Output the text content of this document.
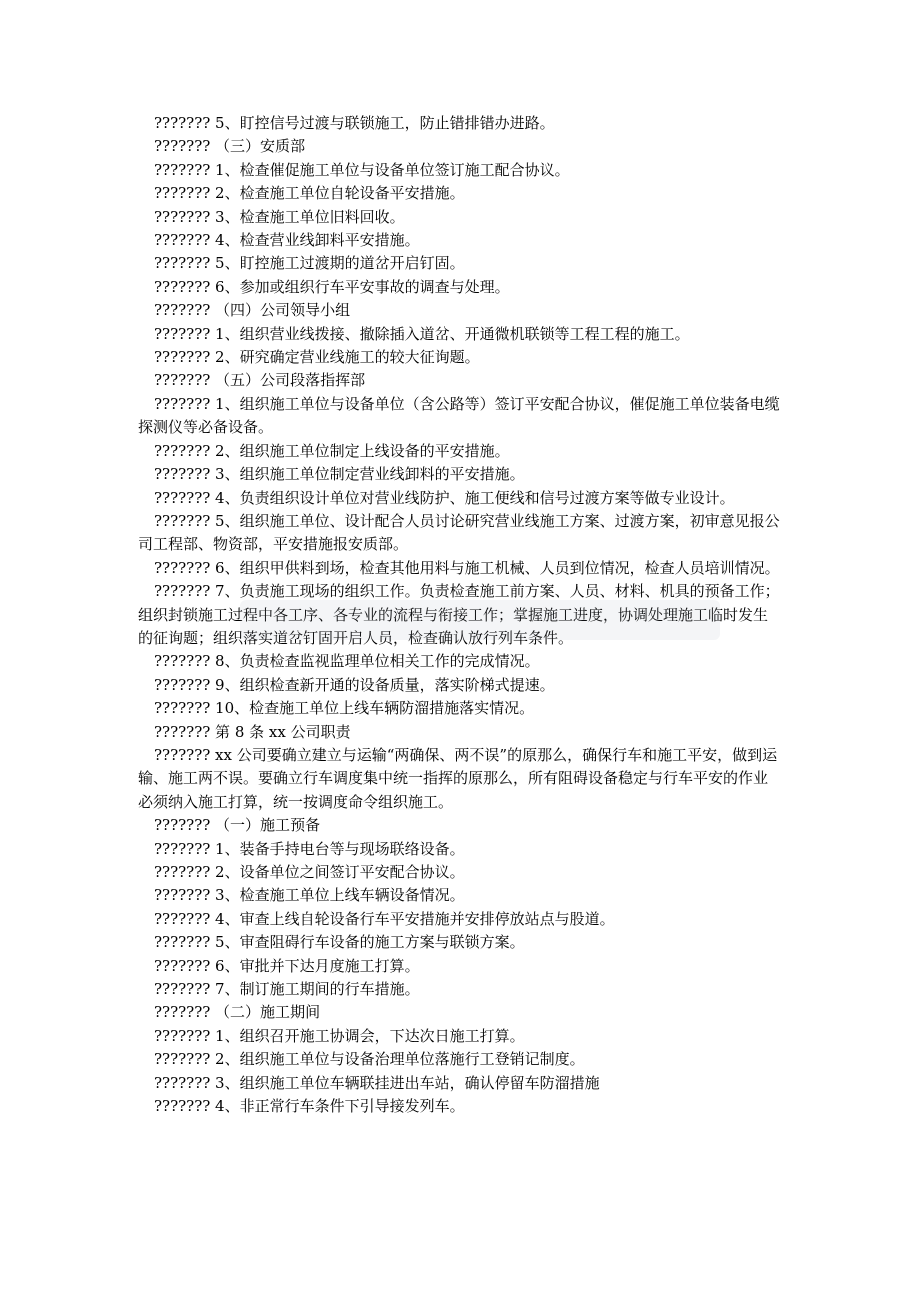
??????? 5、盯控信号过渡与联锁施工，防止错排错办进路。

??????? （三）安质部

??????? 1、检查催促施工单位与设备单位签订施工配合协议。

??????? 2、检查施工单位自轮设备平安措施。

??????? 3、检查施工单位旧料回收。

??????? 4、检查营业线卸料平安措施。

??????? 5、盯控施工过渡期的道岔开启钉固。

??????? 6、参加或组织行车平安事故的调查与处理。

??????? （四）公司领导小组

??????? 1、组织营业线拨接、撤除插入道岔、开通微机联锁等工程工程的施工。

??????? 2、研究确定营业线施工的较大征询题。

??????? （五）公司段落指挥部

??????? 1、组织施工单位与设备单位（含公路等）签订平安配合协议，催促施工单位装备电缆探测仪等必备设备。

??????? 2、组织施工单位制定上线设备的平安措施。

??????? 3、组织施工单位制定营业线卸料的平安措施。

??????? 4、负责组织设计单位对营业线防护、施工便线和信号过渡方案等做专业设计。

??????? 5、组织施工单位、设计配合人员讨论研究营业线施工方案、过渡方案，初审意见报公司工程部、物资部，平安措施报安质部。

??????? 6、组织甲供料到场，检查其他用料与施工机械、人员到位情况，检查人员培训情况。

??????? 7、负责施工现场的组织工作。负责检查施工前方案、人员、材料、机具的预备工作；组织封锁施工过程中各工序、各专业的流程与衔接工作；掌握施工进度，协调处理施工临时发生的征询题；组织落实道岔钉固开启人员，检查确认放行列车条件。

??????? 8、负责检查监视监理单位相关工作的完成情况。

??????? 9、组织检查新开通的设备质量，落实阶梯式提速。

??????? 10、检查施工单位上线车辆防溜措施落实情况。

??????? 第 8 条 xx 公司职责

??????? xx 公司要确立建立与运输“两确保、两不误”的原那么，确保行车和施工平安，做到运输、施工两不误。要确立行车调度集中统一指挥的原那么，所有阻碍设备稳定与行车平安的作业必须纳入施工打算，统一按调度命令组织施工。

??????? （一）施工预备

??????? 1、装备手持电台等与现场联络设备。

??????? 2、设备单位之间签订平安配合协议。

??????? 3、检查施工单位上线车辆设备情况。

??????? 4、审查上线自轮设备行车平安措施并安排停放站点与股道。

??????? 5、审查阻碍行车设备的施工方案与联锁方案。

??????? 6、审批并下达月度施工打算。

??????? 7、制订施工期间的行车措施。

??????? （二）施工期间

??????? 1、组织召开施工协调会，下达次日施工打算。

??????? 2、组织施工单位与设备治理单位落施行工登销记制度。

??????? 3、组织施工单位车辆联挂进出车站，确认停留车防溜措施

??????? 4、非正常行车条件下引导接发列车。
